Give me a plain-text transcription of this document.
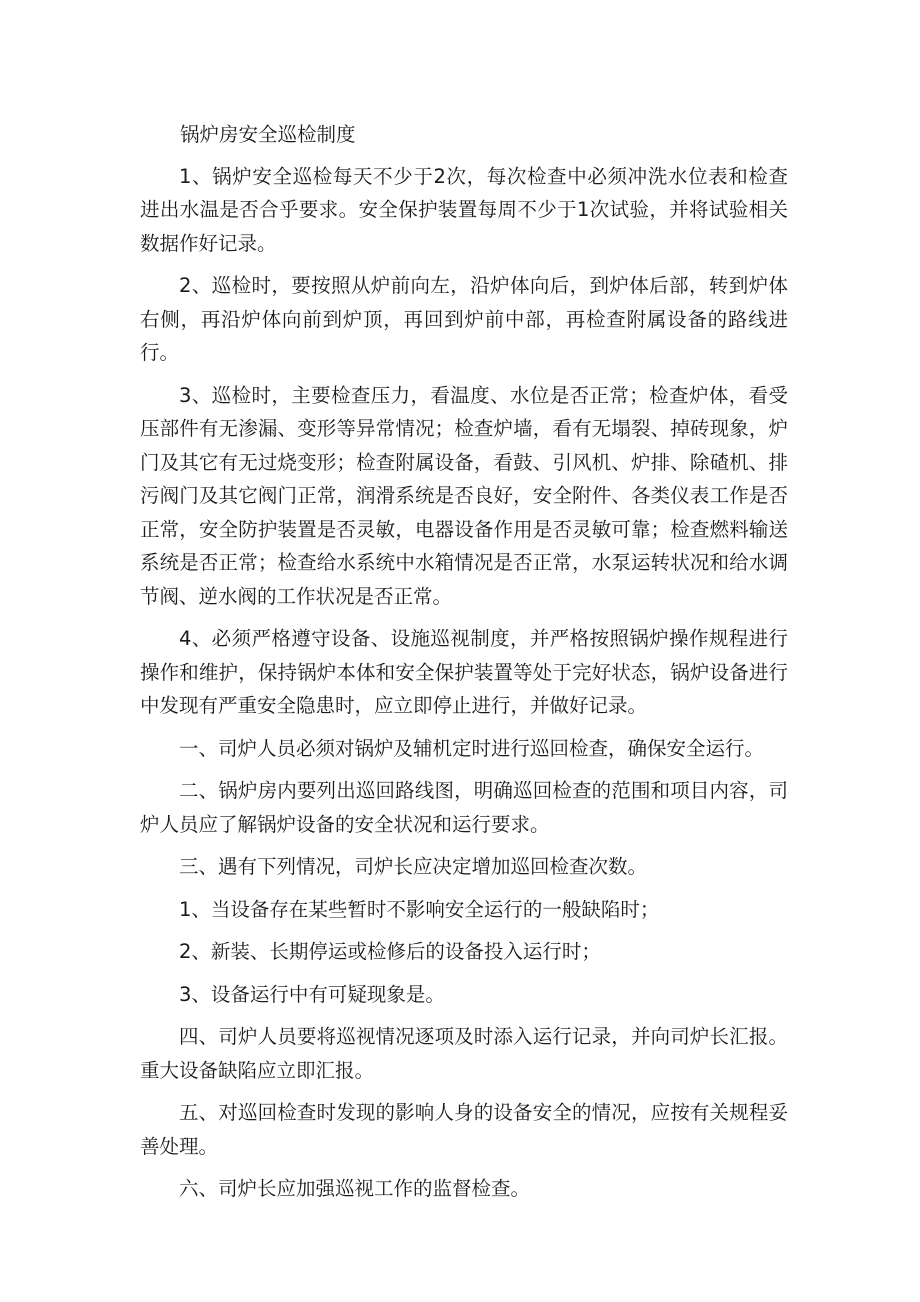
锅炉房安全巡检制度

1、锅炉安全巡检每天不少于2次，每次检查中必须冲洗水位表和检查进出水温是否合乎要求。安全保护装置每周不少于1次试验，并将试验相关数据作好记录。

2、巡检时，要按照从炉前向左，沿炉体向后，到炉体后部，转到炉体右侧，再沿炉体向前到炉顶，再回到炉前中部，再检查附属设备的路线进行。

3、巡检时，主要检查压力，看温度、水位是否正常；检查炉体，看受压部件有无渗漏、变形等异常情况；检查炉墙，看有无塌裂、掉砖现象，炉门及其它有无过烧变形；检查附属设备，看鼓、引风机、炉排、除碴机、排污阀门及其它阀门正常，润滑系统是否良好，安全附件、各类仪表工作是否正常，安全防护装置是否灵敏，电器设备作用是否灵敏可靠；检查燃料输送系统是否正常；检查给水系统中水箱情况是否正常，水泵运转状况和给水调节阀、逆水阀的工作状况是否正常。

4、必须严格遵守设备、设施巡视制度，并严格按照锅炉操作规程进行操作和维护，保持锅炉本体和安全保护装置等处于完好状态，锅炉设备进行中发现有严重安全隐患时，应立即停止进行，并做好记录。

一、司炉人员必须对锅炉及辅机定时进行巡回检查，确保安全运行。

二、锅炉房内要列出巡回路线图，明确巡回检查的范围和项目内容，司炉人员应了解锅炉设备的安全状况和运行要求。

三、遇有下列情况，司炉长应决定增加巡回检查次数。

1、当设备存在某些暂时不影响安全运行的一般缺陷时；

2、新装、长期停运或检修后的设备投入运行时；

3、设备运行中有可疑现象是。

四、司炉人员要将巡视情况逐项及时添入运行记录，并向司炉长汇报。重大设备缺陷应立即汇报。

五、对巡回检查时发现的影响人身的设备安全的情况，应按有关规程妥善处理。

六、司炉长应加强巡视工作的监督检查。
